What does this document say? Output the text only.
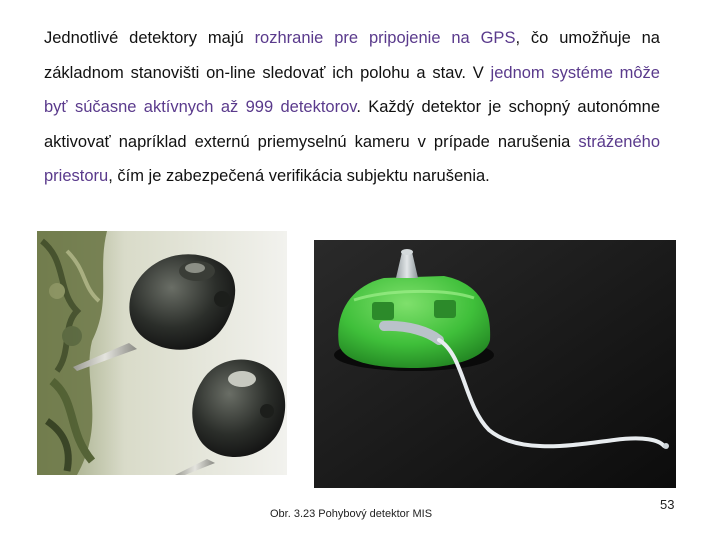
Jednotlivé detektory majú rozhranie pre pripojenie na GPS, čo umožňuje na základnom stanovišti on-line sledovať ich polohu a stav. V jednom systéme môže byť súčasne aktívnych až 999 detektorov. Každý detektor je schopný autonómne aktivovať napríklad externú priemyselnú kameru v prípade narušenia stráženého priestoru, čím je zabezpečená verifikácia subjektu narušenia.
Obr. 3.23 Pohybový detektor MIS
53
